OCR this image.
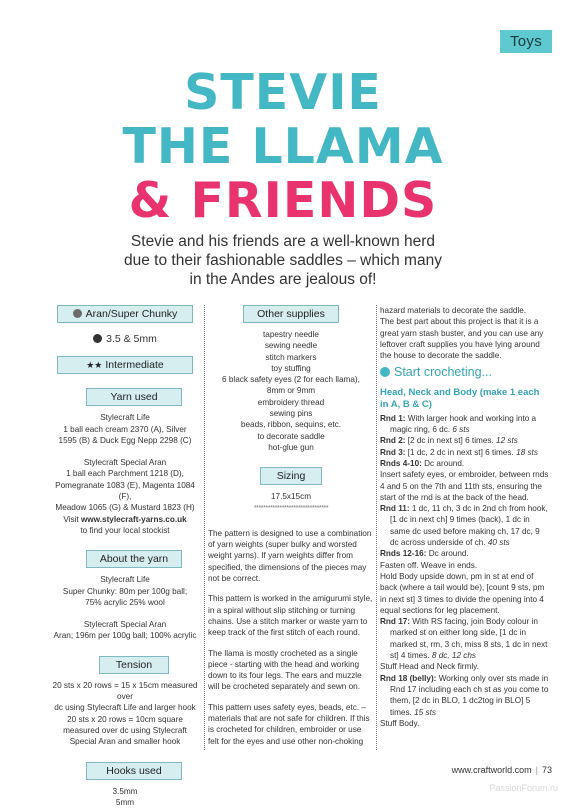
Toys
STEVIE
THE LLAMA
& FRIENDS
Stevie and his friends are a well-known herd
due to their fashionable saddles – which many
in the Andes are jealous of!
Aran/Super Chunky
3.5 & 5mm
★★ Intermediate
Yarn used
Stylecraft Life
1 ball each cream 2370 (A), Silver
1595 (B) & Duck Egg Nepp 2298 (C)
Stylecraft Special Aran
1 ball each Parchment 1218 (D),
Pomegranate 1083 (E), Magenta 1084 (F),
Meadow 1065 (G) & Mustard 1823 (H)
Visit www.stylecraft-yarns.co.uk
to find your local stockist
About the yarn
Stylecraft Life
Super Chunky: 80m per 100g ball;
75% acrylic 25% wool
Stylecraft Special Aran
Aran; 196m per 100g ball; 100% acrylic
Tension
20 sts x 20 rows = 15 x 15cm measured over
dc using Stylecraft Life and larger hook
20 sts x 20 rows = 10cm square
measured over dc using Stylecraft
Special Aran and smaller hook
Hooks used
3.5mm
5mm
Other supplies
tapestry needle
sewing needle
stitch markers
toy stuffing
6 black safety eyes (2 for each llama),
8mm or 9mm
embroidery thread
sewing pins
beads, ribbon, sequins, etc.
to decorate saddle
hot-glue gun
Sizing
17.5x15cm
********************************

The pattern is designed to use a combination of yarn weights (super bulky and worsted weight yarns). If yarn weights differ from specified, the dimensions of the pieces may not be correct.

This pattern is worked in the amigurumi style, in a spiral without slip stitching or turning chains. Use a stitch marker or waste yarn to keep track of the first stitch of each round.

The llama is mostly crocheted as a single piece - starting with the head and working down to its four legs. The ears and muzzle will be crocheted separately and sewn on.

This pattern uses safety eyes, beads, etc. – materials that are not safe for children. If this is crocheted for children, embroider or use felt for the eyes and use other non-choking

hazard materials to decorate the saddle.

The best part about this project is that it is a great yarn stash buster, and you can use any leftover craft supplies you have lying around the house to decorate the saddle.

Start crocheting...
Head, Neck and Body (make 1 each in A, B & C)

Rnd 1: With larger hook and working into a magic ring, 6 dc. 6 sts

Rnd 2: [2 dc in next st] 6 times. 12 sts

Rnd 3: [1 dc, 2 dc in next st] 6 times. 18 sts

Rnds 4-10: Dc around.

Insert safety eyes, or embroider, between rnds 4 and 5 on the 7th and 11th sts, ensuring the start of the rnd is at the back of the head.

Rnd 11: 1 dc, 11 ch, 3 dc in 2nd ch from hook, [1 dc in next ch] 9 times (back), 1 dc in same dc used before making ch, 17 dc, 9 dc across underside of ch. 40 sts

Rnds 12-16: Dc around.

Fasten off. Weave in ends.

Hold Body upside down, pm in st at end of back (where a tail would be), [count 9 sts, pm in next st] 3 times to divide the opening into 4 equal sections for leg placement.

Rnd 17: With RS facing, join Body colour in marked st on either long side, [1 dc in marked st, rm, 3 ch, miss 8 sts, 1 dc in next st] 4 times. 8 dc, 12 chs

Stuff Head and Neck firmly.

Rnd 18 (belly): Working only over sts made in Rnd 17 including each ch st as you come to them, [2 dc in BLO, 1 dc2tog in BLO] 5 times. 15 sts

Stuff Body.

www.craftworld.com | 73
PassionForum.ru
